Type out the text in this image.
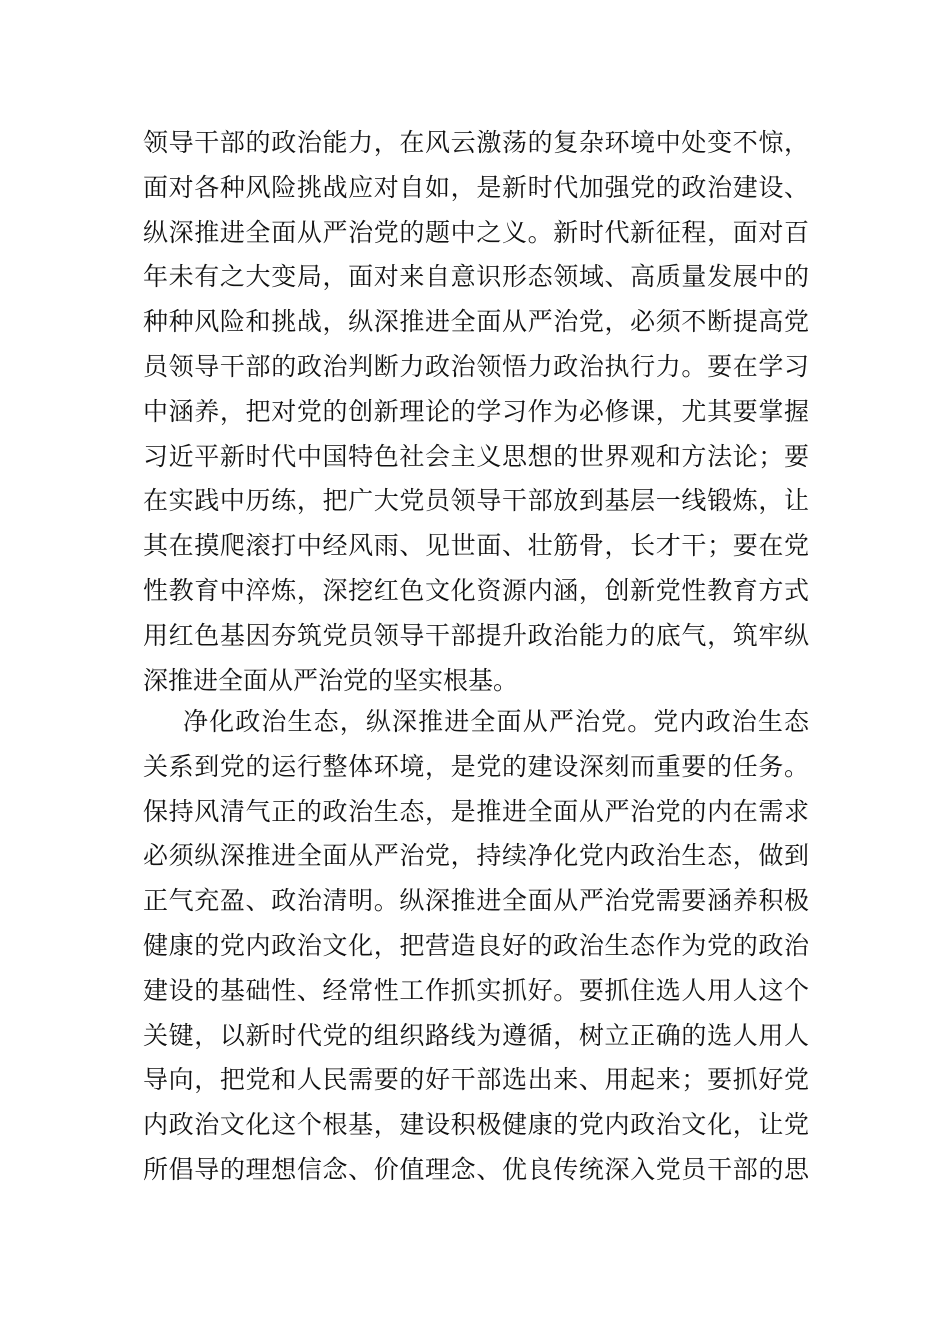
领导干部的政治能力，在风云激荡的复杂环境中处变不惊，
面对各种风险挑战应对自如，是新时代加强党的政治建设、
纵深推进全面从严治党的题中之义。新时代新征程，面对百
年未有之大变局，面对来自意识形态领域、高质量发展中的
种种风险和挑战，纵深推进全面从严治党，必须不断提高党
员领导干部的政治判断力政治领悟力政治执行力。要在学习
中涵养，把对党的创新理论的学习作为必修课，尤其要掌握
习近平新时代中国特色社会主义思想的世界观和方法论；要
在实践中历练，把广大党员领导干部放到基层一线锻炼，让
其在摸爬滚打中经风雨、见世面、壮筋骨，长才干；要在党
性教育中淬炼，深挖红色文化资源内涵，创新党性教育方式
用红色基因夯筑党员领导干部提升政治能力的底气，筑牢纵
深推进全面从严治党的坚实根基。
净化政治生态，纵深推进全面从严治党。党内政治生态
关系到党的运行整体环境，是党的建设深刻而重要的任务。
保持风清气正的政治生态，是推进全面从严治党的内在需求
必须纵深推进全面从严治党，持续净化党内政治生态，做到
正气充盈、政治清明。纵深推进全面从严治党需要涵养积极
健康的党内政治文化，把营造良好的政治生态作为党的政治
建设的基础性、经常性工作抓实抓好。要抓住选人用人这个
关键，以新时代党的组织路线为遵循，树立正确的选人用人
导向，把党和人民需要的好干部选出来、用起来；要抓好党
内政治文化这个根基，建设积极健康的党内政治文化，让党
所倡导的理想信念、价值理念、优良传统深入党员干部的思
